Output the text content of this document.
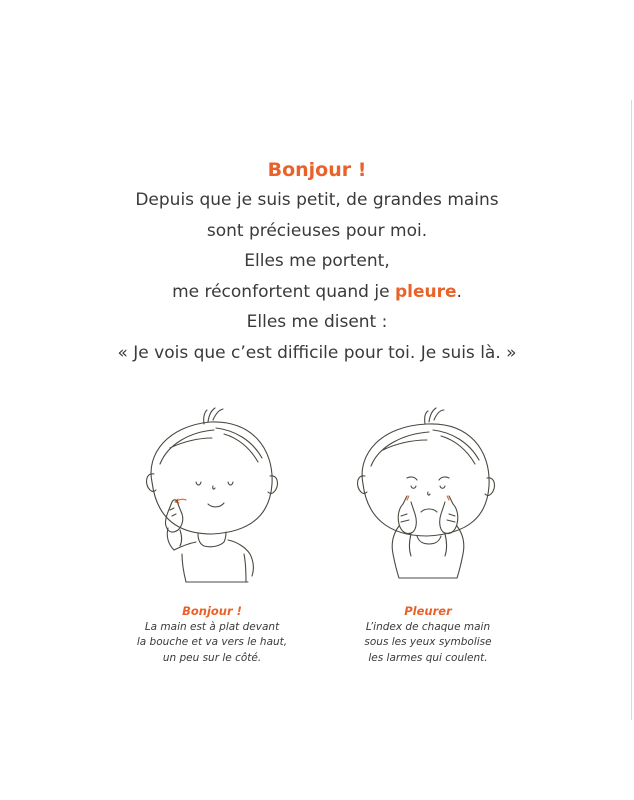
Bonjour !

Depuis que je suis petit, de grandes mains

sont précieuses pour moi.

Elles me portent,

me réconfortent quand je pleure.

Elles me disent :

« Je vois que c’est difficile pour toi. Je suis là. »

Bonjour !

La main est à plat devant

la bouche et va vers le haut,

un peu sur le côté.

Pleurer

L’index de chaque main

sous les yeux symbolise

les larmes qui coulent.
